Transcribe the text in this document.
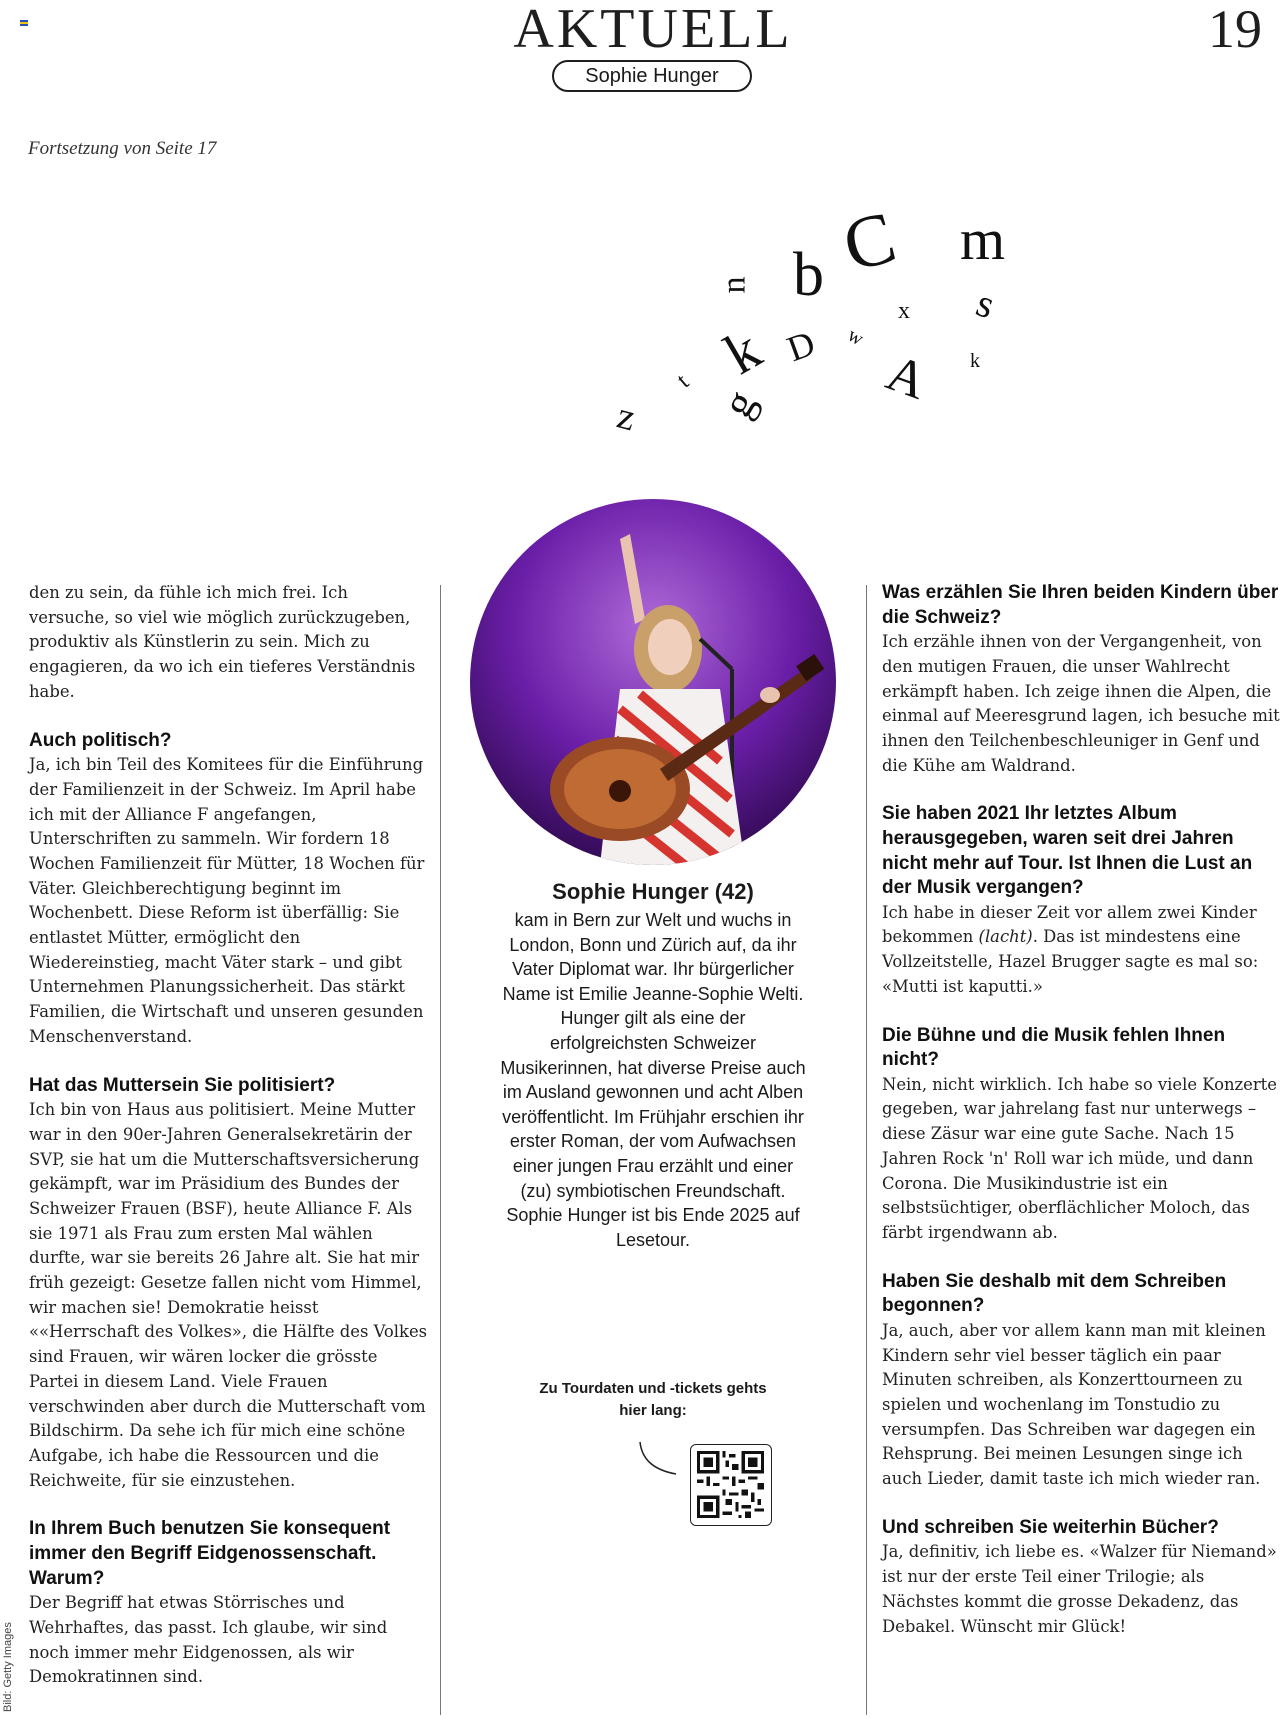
AKTUELL	19
Sophie Hunger
Fortsetzung von Seite 17
m
C
b
n
x s
z
k D w
A k
t
g

den zu sein, da fühle ich mich frei. Ich versuche, so viel wie möglich zurückzugeben, produktiv als Künstlerin zu sein. Mich zu engagieren, da wo ich ein tieferes Verständnis habe.

Auch politisch?

Ja, ich bin Teil des Komitees für die Einführung der Familienzeit in der Schweiz. Im April habe ich mit der Alliance F angefangen, Unterschriften zu sammeln. Wir fordern 18 Wochen Familienzeit für Mütter, 18 Wochen für Väter. Gleichberechtigung beginnt im Wochenbett. Diese Reform ist überfällig: Sie entlastet Mütter, ermöglicht den Wiedereinstieg, macht Väter stark – und gibt Unternehmen Planungssicherheit. Das stärkt Familien, die Wirtschaft und unseren gesunden Menschenverstand.

Hat das Muttersein Sie politisiert?

Ich bin von Haus aus politisiert. Meine Mutter war in den 90er-Jahren Generalsekretärin der SVP, sie hat um die Mutterschaftsversicherung gekämpft, war im Präsidium des Bundes der Schweizer Frauen (BSF), heute Alliance F. Als sie 1971 als Frau zum ersten Mal wählen durfte, war sie bereits 26 Jahre alt. Sie hat mir früh gezeigt: Gesetze fallen nicht vom Himmel, wir machen sie! Demokratie heisst ««Herrschaft des Volkes», die Hälfte des Volkes sind Frauen, wir wären locker die grösste Partei in diesem Land. Viele Frauen verschwinden aber durch die Mutterschaft vom Bildschirm. Da sehe ich für mich eine schöne Aufgabe, ich habe die Ressourcen und die Reichweite, für sie einzustehen.

In Ihrem Buch benutzen Sie konsequent immer den Begriff Eidgenossenschaft. Warum?

Der Begriff hat etwas Störrisches und Wehrhaftes, das passt. Ich glaube, wir sind noch immer mehr Eidgenossen, als wir Demokratinnen sind.

Sophie Hunger (42)

kam in Bern zur Welt und wuchs in London, Bonn und Zürich auf, da ihr Vater Diplomat war. Ihr bürgerlicher Name ist Emilie Jeanne-Sophie Welti. Hunger gilt als eine der erfolgreichsten Schweizer Musikerinnen, hat diverse Preise auch im Ausland gewonnen und acht Alben veröffentlicht. Im Frühjahr erschien ihr erster Roman, der vom Aufwachsen einer jungen Frau erzählt und einer (zu) symbiotischen Freundschaft. Sophie Hunger ist bis Ende 2025 auf Lesetour.

Zu Tourdaten und -tickets gehts hier lang:
Was erzählen Sie Ihren beiden Kindern über die Schweiz?

Ich erzähle ihnen von der Vergangenheit, von den mutigen Frauen, die unser Wahlrecht erkämpft haben. Ich zeige ihnen die Alpen, die einmal auf Meeresgrund lagen, ich besuche mit ihnen den Teilchenbeschleuniger in Genf und die Kühe am Waldrand.

Sie haben 2021 Ihr letztes Album herausgegeben, waren seit drei Jahren nicht mehr auf Tour. Ist Ihnen die Lust an der Musik vergangen?

Ich habe in dieser Zeit vor allem zwei Kinder bekommen (lacht). Das ist mindestens eine Vollzeitstelle, Hazel Brugger sagte es mal so: «Mutti ist kaputti.»

Die Bühne und die Musik fehlen Ihnen nicht?

Nein, nicht wirklich. Ich habe so viele Konzerte gegeben, war jahrelang fast nur unterwegs – diese Zäsur war eine gute Sache. Nach 15 Jahren Rock 'n' Roll war ich müde, und dann Corona. Die Musikindustrie ist ein selbstsüchtiger, oberflächlicher Moloch, das färbt irgendwann ab.

Haben Sie deshalb mit dem Schreiben begonnen?

Ja, auch, aber vor allem kann man mit kleinen Kindern sehr viel besser täglich ein paar Minuten schreiben, als Konzerttourneen zu spielen und wochenlang im Tonstudio zu versumpfen. Das Schreiben war dagegen ein Rehsprung. Bei meinen Lesungen singe ich auch Lieder, damit taste ich mich wieder ran.

Und schreiben Sie weiterhin Bücher?

Ja, definitiv, ich liebe es. «Walzer für Niemand» ist nur der erste Teil einer Trilogie; als Nächstes kommt die grosse Dekadenz, das Debakel. Wünscht mir Glück!

Bild: Getty Images
